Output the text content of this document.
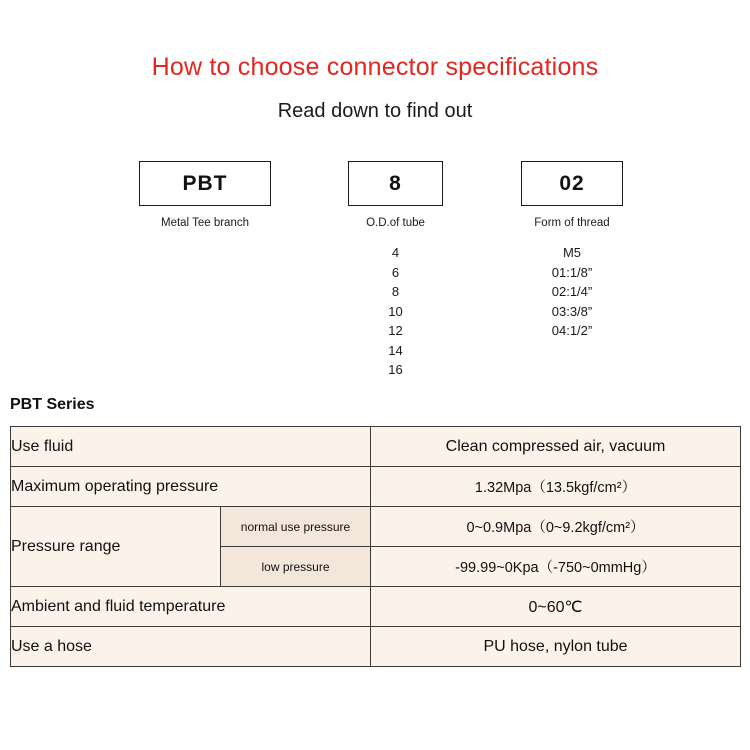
How to choose connector specifications
Read down to find out
PBT
Metal Tee branch
8
O.D.of tube
4
6
8
10
12
14
16
02
Form of thread
M5
01:1/8”
02:1/4”
03:3/8”
04:1/2”
PBT Series
Use fluid		Clean compressed air, vacuum
Maximum operating pressure		1.32Mpa（13.5kgf/cm²）
Pressure range	normal use pressure	0~0.9Mpa（0~9.2kgf/cm²）
	low pressure	-99.99~0Kpa（-750~0mmHg）
Ambient and fluid temperature		0~60℃
Use a hose		PU hose, nylon tube
